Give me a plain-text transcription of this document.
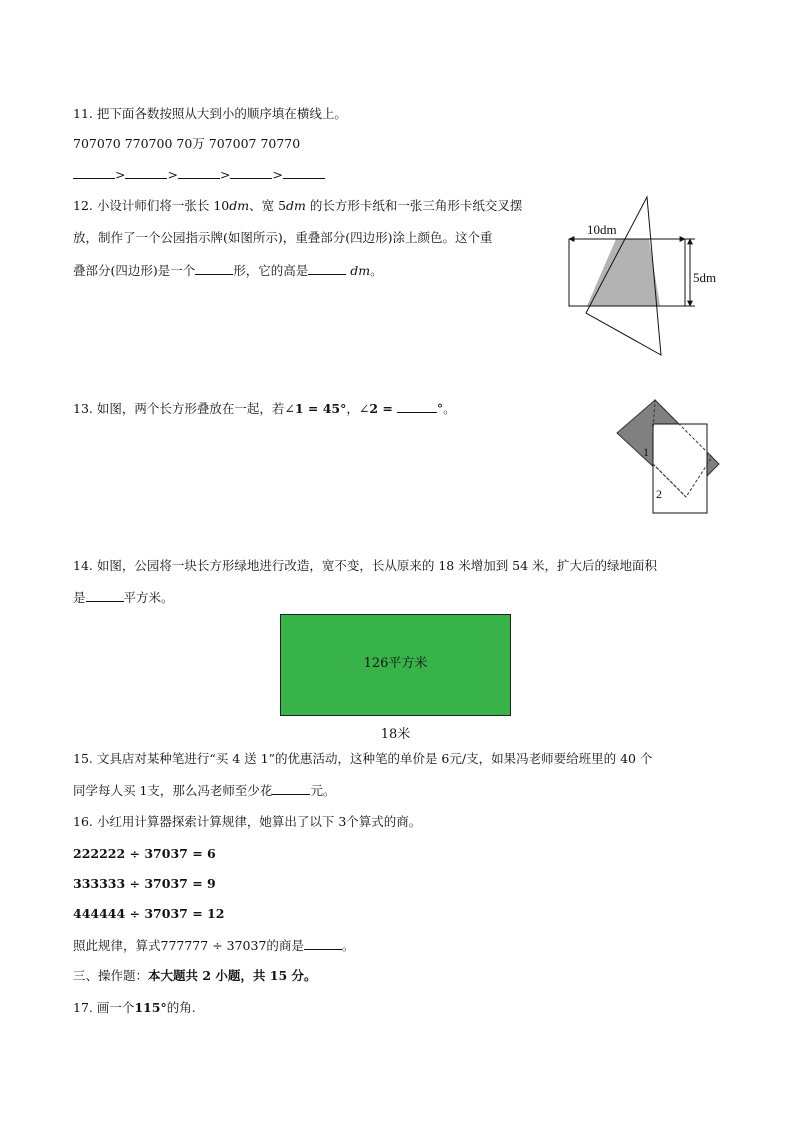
11. 把下面各数按照从大到小的顺序填在横线上。
707070 770700 70万 707007 70770
>	>	>	>
12. 小设计师们将一张长 10dm、宽 5dm 的长方形卡纸和一张三角形卡纸交叉摆
放，制作了一个公园指示牌(如图所示)，重叠部分(四边形)涂上颜色。这个重
叠部分(四边形)是一个	形，它的高是	dm。
10dm
5dm
13. 如图，两个长方形叠放在一起，若∠1 = 45°，∠2 =	°。
1
2
14. 如图，公园将一块长方形绿地进行改造，宽不变，长从原来的 18 米增加到 54 米，扩大后的绿地面积
是	平方米。
126平方米
18米
15. 文具店对某种笔进行“买 4 送 1”的优惠活动，这种笔的单价是 6元/支，如果冯老师要给班里的 40 个
同学每人买 1支，那么冯老师至少花	元。
16. 小红用计算器探索计算规律，她算出了以下 3个算式的商。
222222 ÷ 37037 = 6
333333 ÷ 37037 = 9
444444 ÷ 37037 = 12
照此规律，算式777777 ÷ 37037的商是	。
三、操作题：本大题共 2 小题，共 15 分。
17. 画一个115°的角.
